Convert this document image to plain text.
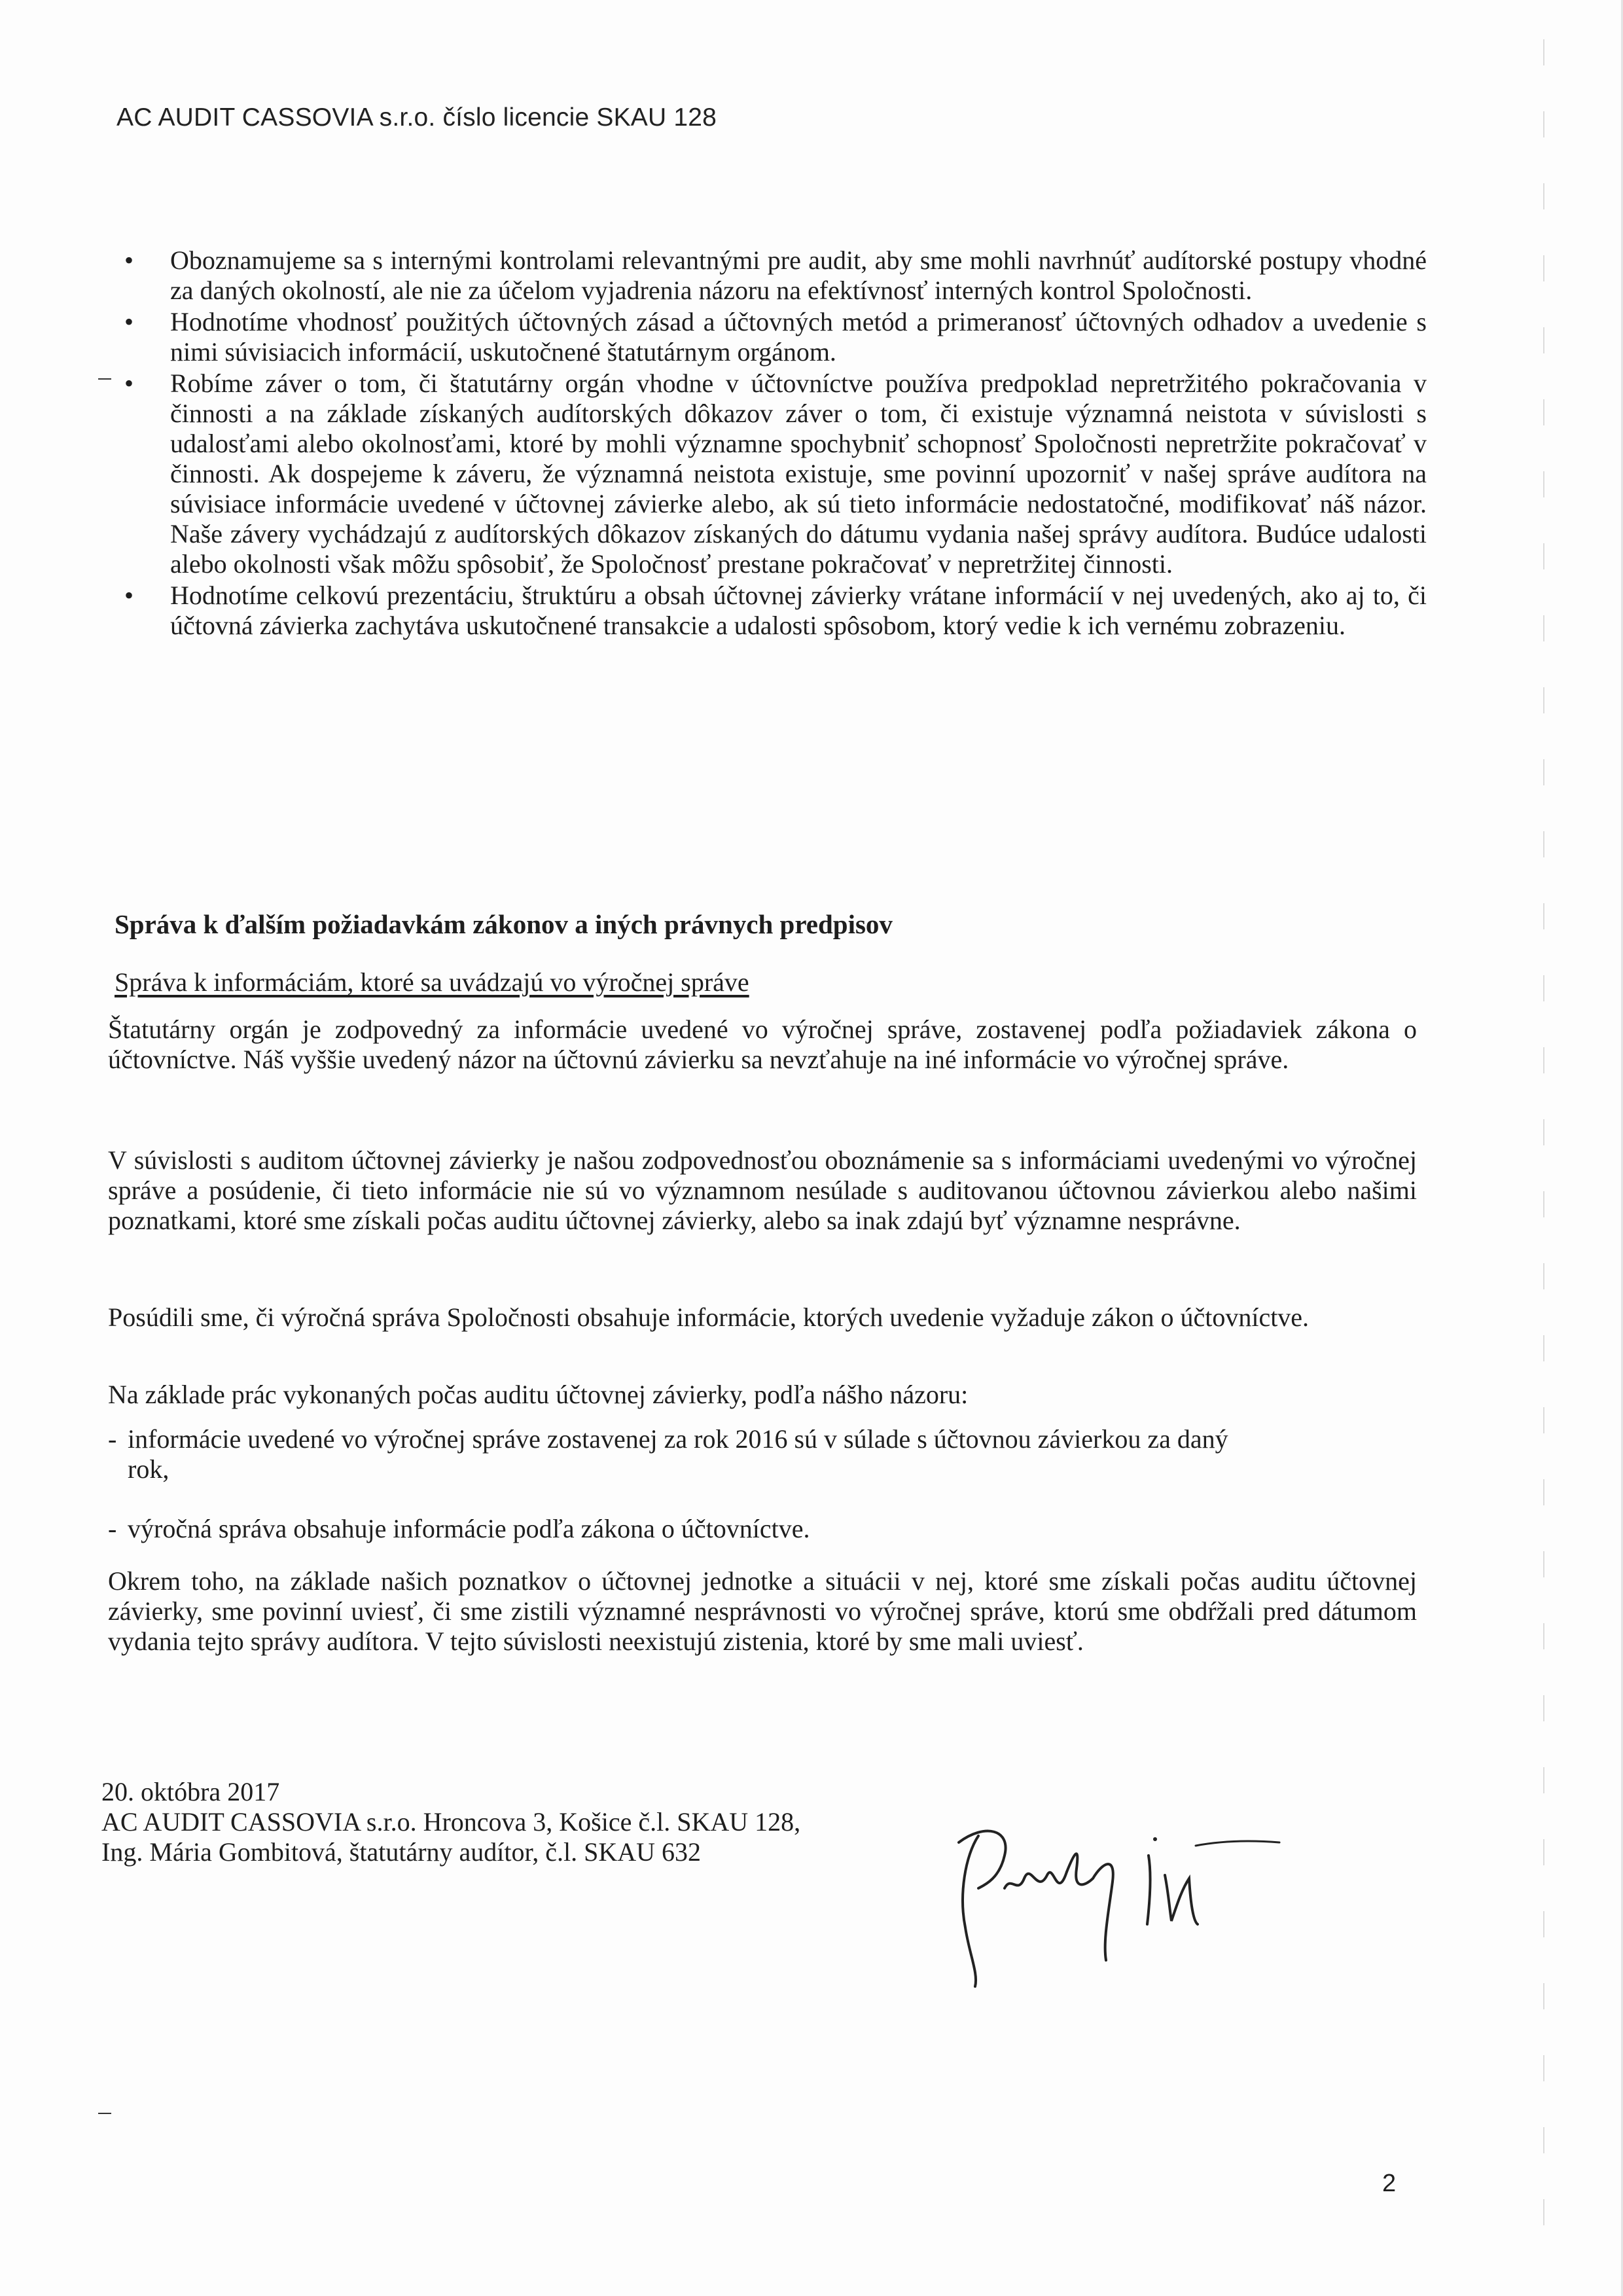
AC AUDIT CASSOVIA s.r.o. číslo licencie SKAU 128
• Oboznamujeme sa s internými kontrolami relevantnými pre audit, aby sme mohli navrhnúť audítorské postupy vhodné za daných okolností, ale nie za účelom vyjadrenia názoru na efektívnosť interných kontrol Spoločnosti.
• Hodnotíme vhodnosť použitých účtovných zásad a účtovných metód a primeranosť účtovných odhadov a uvedenie s nimi súvisiacich informácií, uskutočnené štatutárnym orgánom.
• Robíme záver o tom, či štatutárny orgán vhodne v účtovníctve používa predpoklad nepretržitého pokračovania v činnosti a na základe získaných audítorských dôkazov záver o tom, či existuje významná neistota v súvislosti s udalosťami alebo okolnosťami, ktoré by mohli významne spochybniť schopnosť Spoločnosti nepretržite pokračovať v činnosti. Ak dospejeme k záveru, že významná neistota existuje, sme povinní upozorniť v našej správe audítora na súvisiace informácie uvedené v účtovnej závierke alebo, ak sú tieto informácie nedostatočné, modifikovať náš názor. Naše závery vychádzajú z audítorských dôkazov získaných do dátumu vydania našej správy audítora. Budúce udalosti alebo okolnosti však môžu spôsobiť, že Spoločnosť prestane pokračovať v nepretržitej činnosti.
• Hodnotíme celkovú prezentáciu, štruktúru a obsah účtovnej závierky vrátane informácií v nej uvedených, ako aj to, či účtovná závierka zachytáva uskutočnené transakcie a udalosti spôsobom, ktorý vedie k ich vernému zobrazeniu.
Správa k ďalším požiadavkám zákonov a iných právnych predpisov
Správa k informáciám, ktoré sa uvádzajú vo výročnej správe

Štatutárny orgán je zodpovedný za informácie uvedené vo výročnej správe, zostavenej podľa požiadaviek zákona o účtovníctve. Náš vyššie uvedený názor na účtovnú závierku sa nevzťahuje na iné informácie vo výročnej správe.

V súvislosti s auditom účtovnej závierky je našou zodpovednosťou oboznámenie sa s informáciami uvedenými vo výročnej správe a posúdenie, či tieto informácie nie sú vo významnom nesúlade s auditovanou účtovnou závierkou alebo našimi poznatkami, ktoré sme získali počas auditu účtovnej závierky, alebo sa inak zdajú byť významne nesprávne.

Posúdili sme, či výročná správa Spoločnosti obsahuje informácie, ktorých uvedenie vyžaduje zákon o účtovníctve.

Na základe prác vykonaných počas auditu účtovnej závierky, podľa nášho názoru:

- informácie uvedené vo výročnej správe zostavenej za rok 2016 sú v súlade s účtovnou závierkou za daný
rok,
- výročná správa obsahuje informácie podľa zákona o účtovníctve.

Okrem toho, na základe našich poznatkov o účtovnej jednotke a situácii v nej, ktoré sme získali počas auditu účtovnej závierky, sme povinní uviesť, či sme zistili významné nesprávnosti vo výročnej správe, ktorú sme obdŕžali pred dátumom vydania tejto správy audítora. V tejto súvislosti neexistujú zistenia, ktoré by sme mali uviesť.

20. októbra 2017
AC AUDIT CASSOVIA s.r.o. Hroncova 3, Košice č.l. SKAU 128,
Ing. Mária Gombitová, štatutárny audítor, č.l. SKAU 632
2
